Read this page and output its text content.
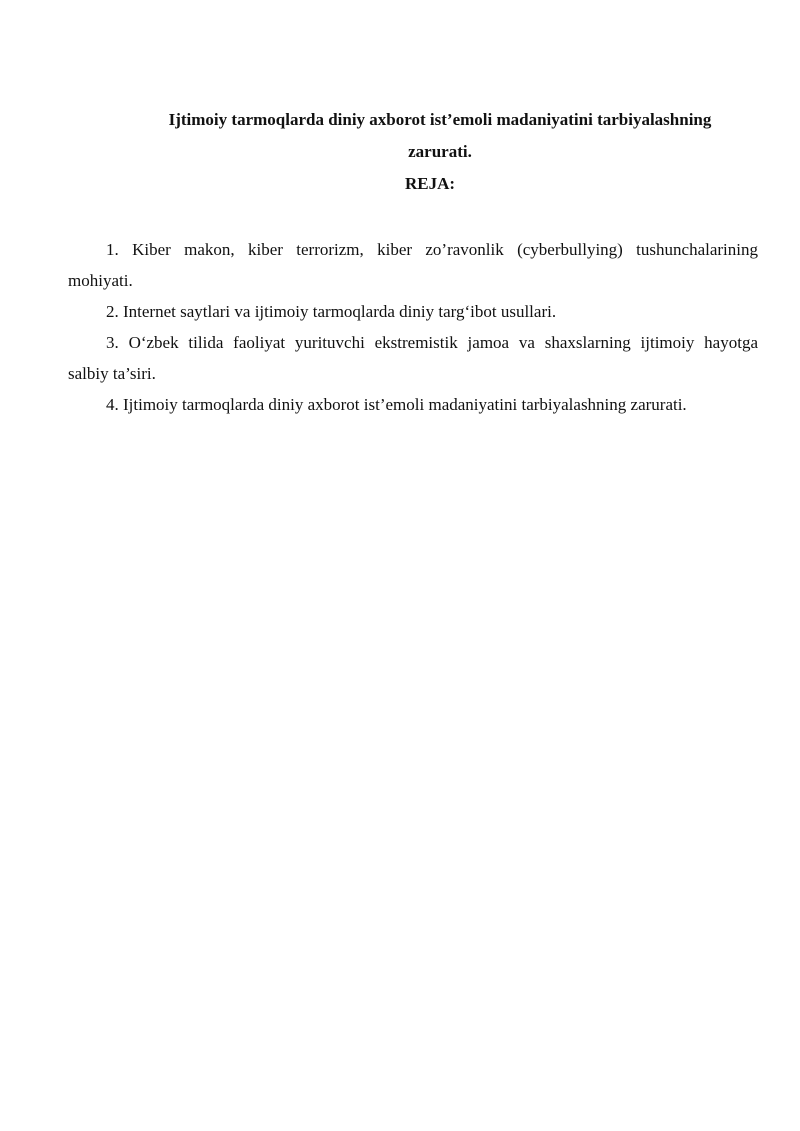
Ijtimoiy tarmoqlarda diniy axborot ist’emoli madaniyatini tarbiyalashning
zarurati.
REJA:

1. Kiber makon, kiber terrorizm, kiber zo’ravonlik (cyberbullying) tushunchalarining

mohiyati.

2. Internet saytlari va ijtimoiy tarmoqlarda diniy targ‘ibot usullari.

3. O‘zbek tilida faoliyat yurituvchi ekstremistik jamoa va shaxslarning ijtimoiy hayotga

salbiy ta’siri.

4. Ijtimoiy tarmoqlarda diniy axborot ist’emoli madaniyatini tarbiyalashning zarurati.
